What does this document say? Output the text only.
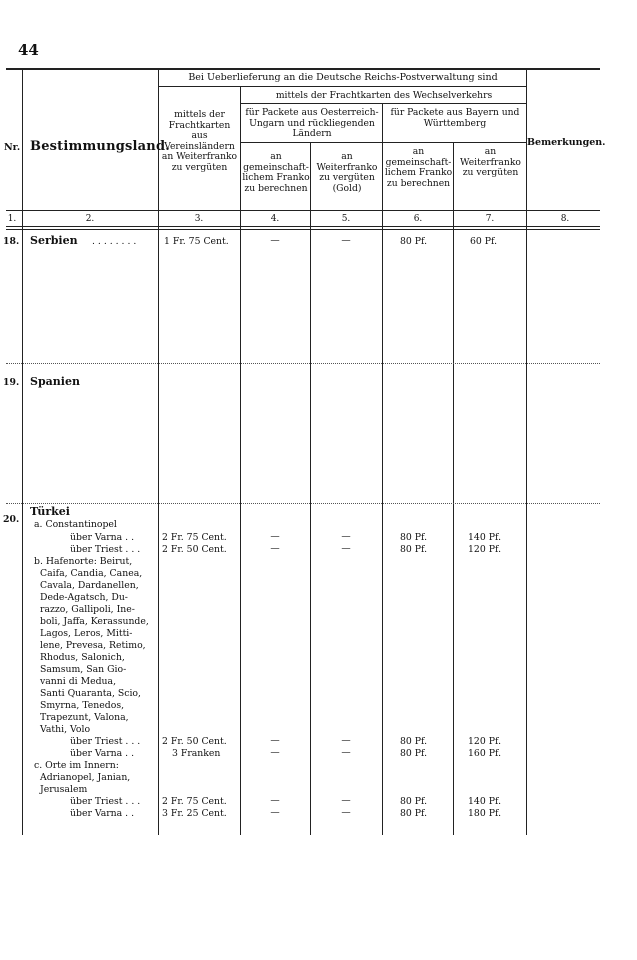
44
Bei Ueberlieferung an die Deutsche Reichs-Postverwaltung sind
Nr. Bestimmungsland.
mittels der Frachtkarten aus Vereinsländern an Weiterfranko zu vergüten
mittels der Frachtkarten des Wechselverkehrs
für Packete aus Oesterreich-Ungarn und rückliegenden Ländern
für Packete aus Bayern und Württemberg
an gemeinschaft-lichem Franko zu berechnen
an Weiterfranko zu vergüten (Gold)
an gemeinschaft-lichem Franko zu berechnen
an Weiterfranko zu vergüten
Bemerkungen.
1.	2.	3.	4.	5.	6.	7.	8.
18. Serbien . . . . . . . .	1 Fr. 75 Cent.	—	—	80 Pf.	60 Pf.
19. Spanien
20.
Türkei
a. Constantinopel
über Varna . .	2 Fr. 75 Cent.	—	—	80 Pf.	140 Pf.
über Triest . . . 2 Fr. 50 Cent.	—	—	80 Pf.	120 Pf.
b. Hafenorte: Beirut,
Caifa, Candia, Canea,
Cavala, Dardanellen,
Dede-Agatsch, Du-
razzo, Gallipoli, Ine-
boli, Jaffa, Kerassunde,
Lagos, Leros, Mitti-
lene, Prevesa, Retimo,
Rhodus, Salonich,
Samsum, San Gio-
vanni di Medua,
Santi Quaranta, Scio,
Smyrna, Tenedos,
Trapezunt, Valona,
Vathi, Volo
über Triest . . . 2 Fr. 50 Cent.	—	—	80 Pf.	120 Pf.
über Varna . .	3 Franken	—	—	80 Pf.	160 Pf.
c. Orte im Innern:
Adrianopel, Janian,
Jerusalem
über Triest . . . 2 Fr. 75 Cent.	—	—	80 Pf.	140 Pf.
über Varna . .	3 Fr. 25 Cent.	—	—	80 Pf.	180 Pf.
